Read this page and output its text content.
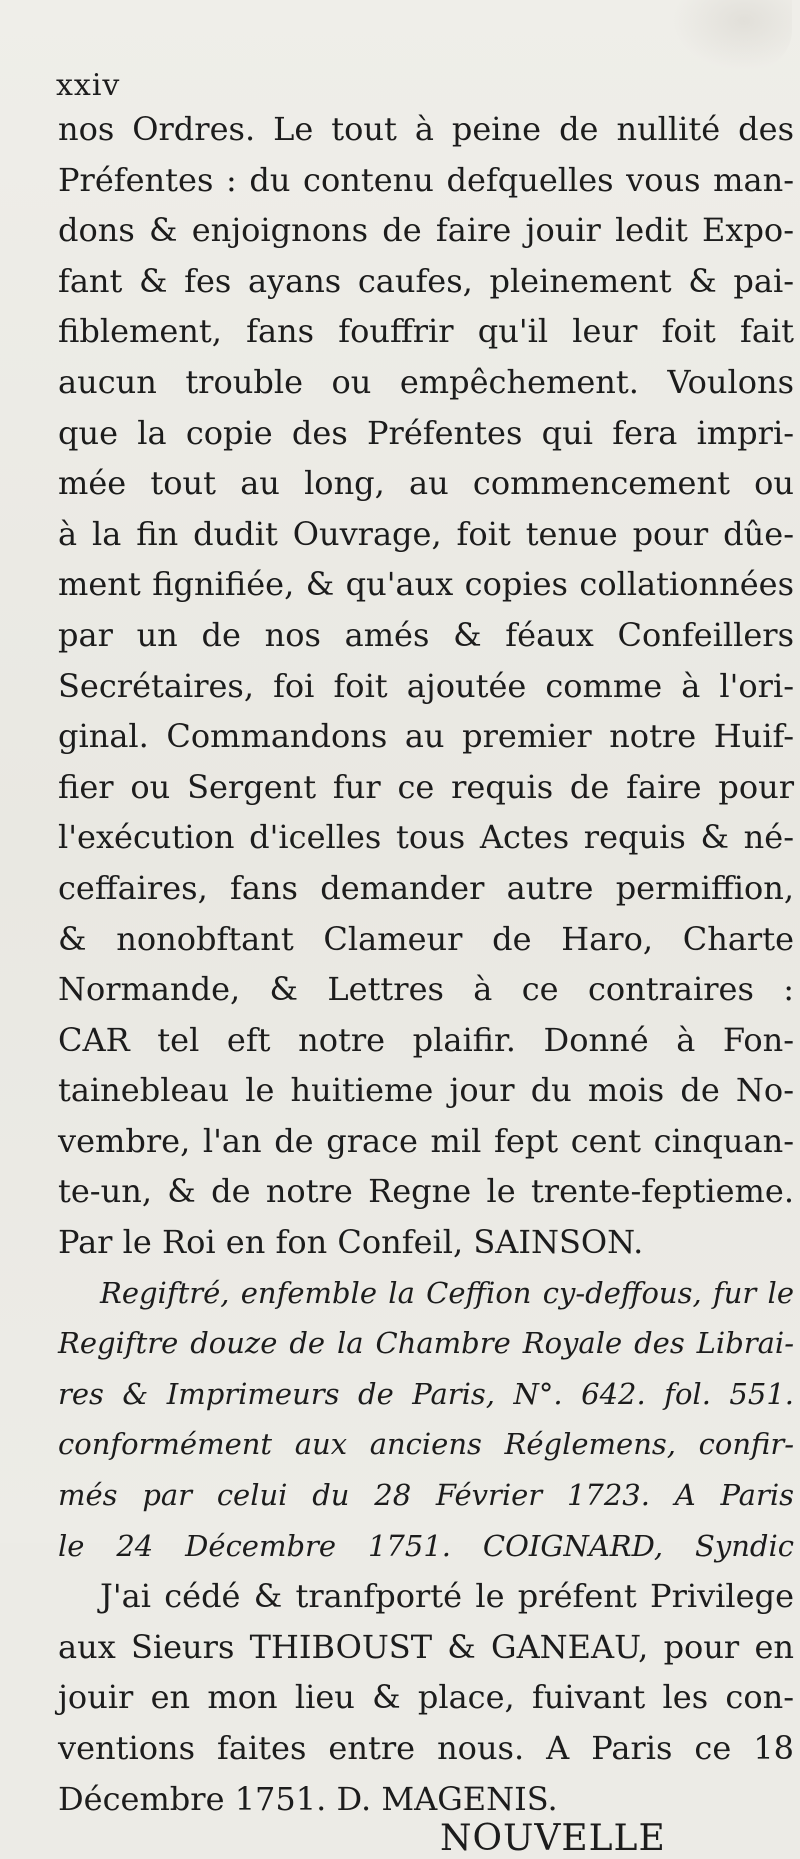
xxiv
nos Ordres. Le tout à peine de nullité des
Préfentes : du contenu defquelles vous man-
dons & enjoignons de faire jouir ledit Expo-
fant & fes ayans caufes, pleinement & pai-
fiblement, fans fouffrir qu'il leur foit fait
aucun trouble ou empêchement. Voulons
que la copie des Préfentes qui fera impri-
mée tout au long, au commencement ou
à la fin dudit Ouvrage, foit tenue pour dûe-
ment fignifiée, & qu'aux copies collationnées
par un de nos amés & féaux Confeillers
Secrétaires, foi foit ajoutée comme à l'ori-
ginal. Commandons au premier notre Huif-
fier ou Sergent fur ce requis de faire pour
l'exécution d'icelles tous Actes requis & né-
ceffaires, fans demander autre permiffion,
& nonobftant Clameur de Haro, Charte
Normande, & Lettres à ce contraires :
CAR tel eft notre plaifir. Donné à Fon-
tainebleau le huitieme jour du mois de No-
vembre, l'an de grace mil fept cent cinquan-
te-un, & de notre Regne le trente-feptieme.
Par le Roi en fon Confeil, SAINSON.
Regiftré, enfemble la Ceffion cy-deffous, fur le
Regiftre douze de la Chambre Royale des Librai-
res & Imprimeurs de Paris, N°. 642. fol. 551.
conformément aux anciens Réglemens, confir-
més par celui du 28 Février 1723. A Paris
le 24 Décembre 1751. COIGNARD, Syndic
J'ai cédé & tranfporté le préfent Privilege
aux Sieurs THIBOUST & GANEAU, pour en
jouir en mon lieu & place, fuivant les con-
ventions faites entre nous. A Paris ce 18
Décembre 1751. D. MAGENIS.
NOUVELLE
